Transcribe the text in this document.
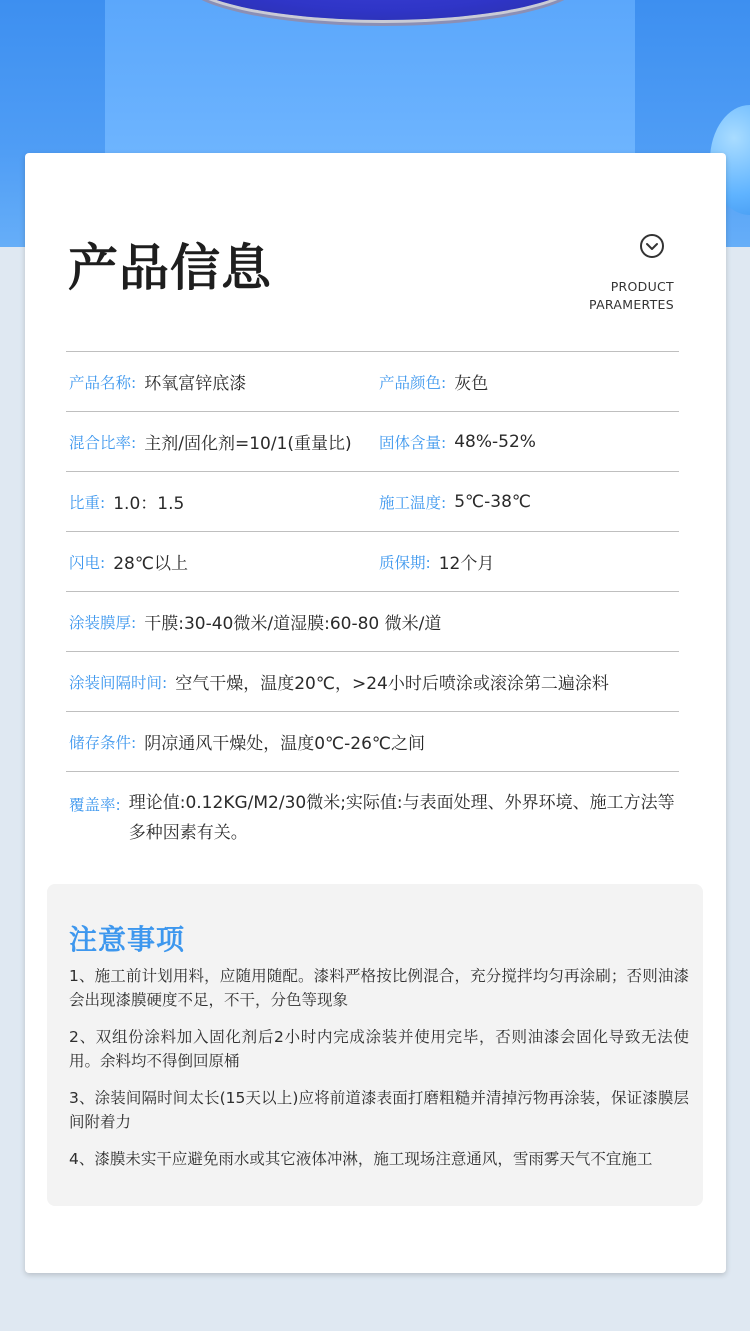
产品信息	PRODUCT
PARAMERTES
产品名称: 环氧富锌底漆	产品颜色: 灰色
混合比率: 主剂/固化剂=10/1(重量比) 固体含量: 48%-52%
比重: 1.0：1.5	施工温度: 5℃-38℃
闪电: 28℃以上	质保期: 12个月
涂装膜厚: 干膜:30-40微米/道湿膜:60-80 微米/道
涂装间隔时间: 空气干燥，温度20℃，>24小时后喷涂或滚涂第二遍涂料
储存条件: 阴凉通风干燥处，温度0℃-26℃之间
覆盖率: 理论值:0.12KG/M2/30微米;实际值:与表面处理、外界环境、施工方法等多种因素有关。
注意事项

1、施工前计划用料，应随用随配。漆料严格按比例混合，充分搅拌均匀再涂刷；否则油漆会出现漆膜硬度不足，不干，分色等现象

2、双组份涂料加入固化剂后2小时内完成涂装并使用完毕，否则油漆会固化导致无法使用。余料均不得倒回原桶

3、涂装间隔时间太长(15天以上)应将前道漆表面打磨粗糙并清掉污物再涂装，保证漆膜层间附着力

4、漆膜未实干应避免雨水或其它液体冲淋，施工现场注意通风，雪雨雾天气不宜施工
